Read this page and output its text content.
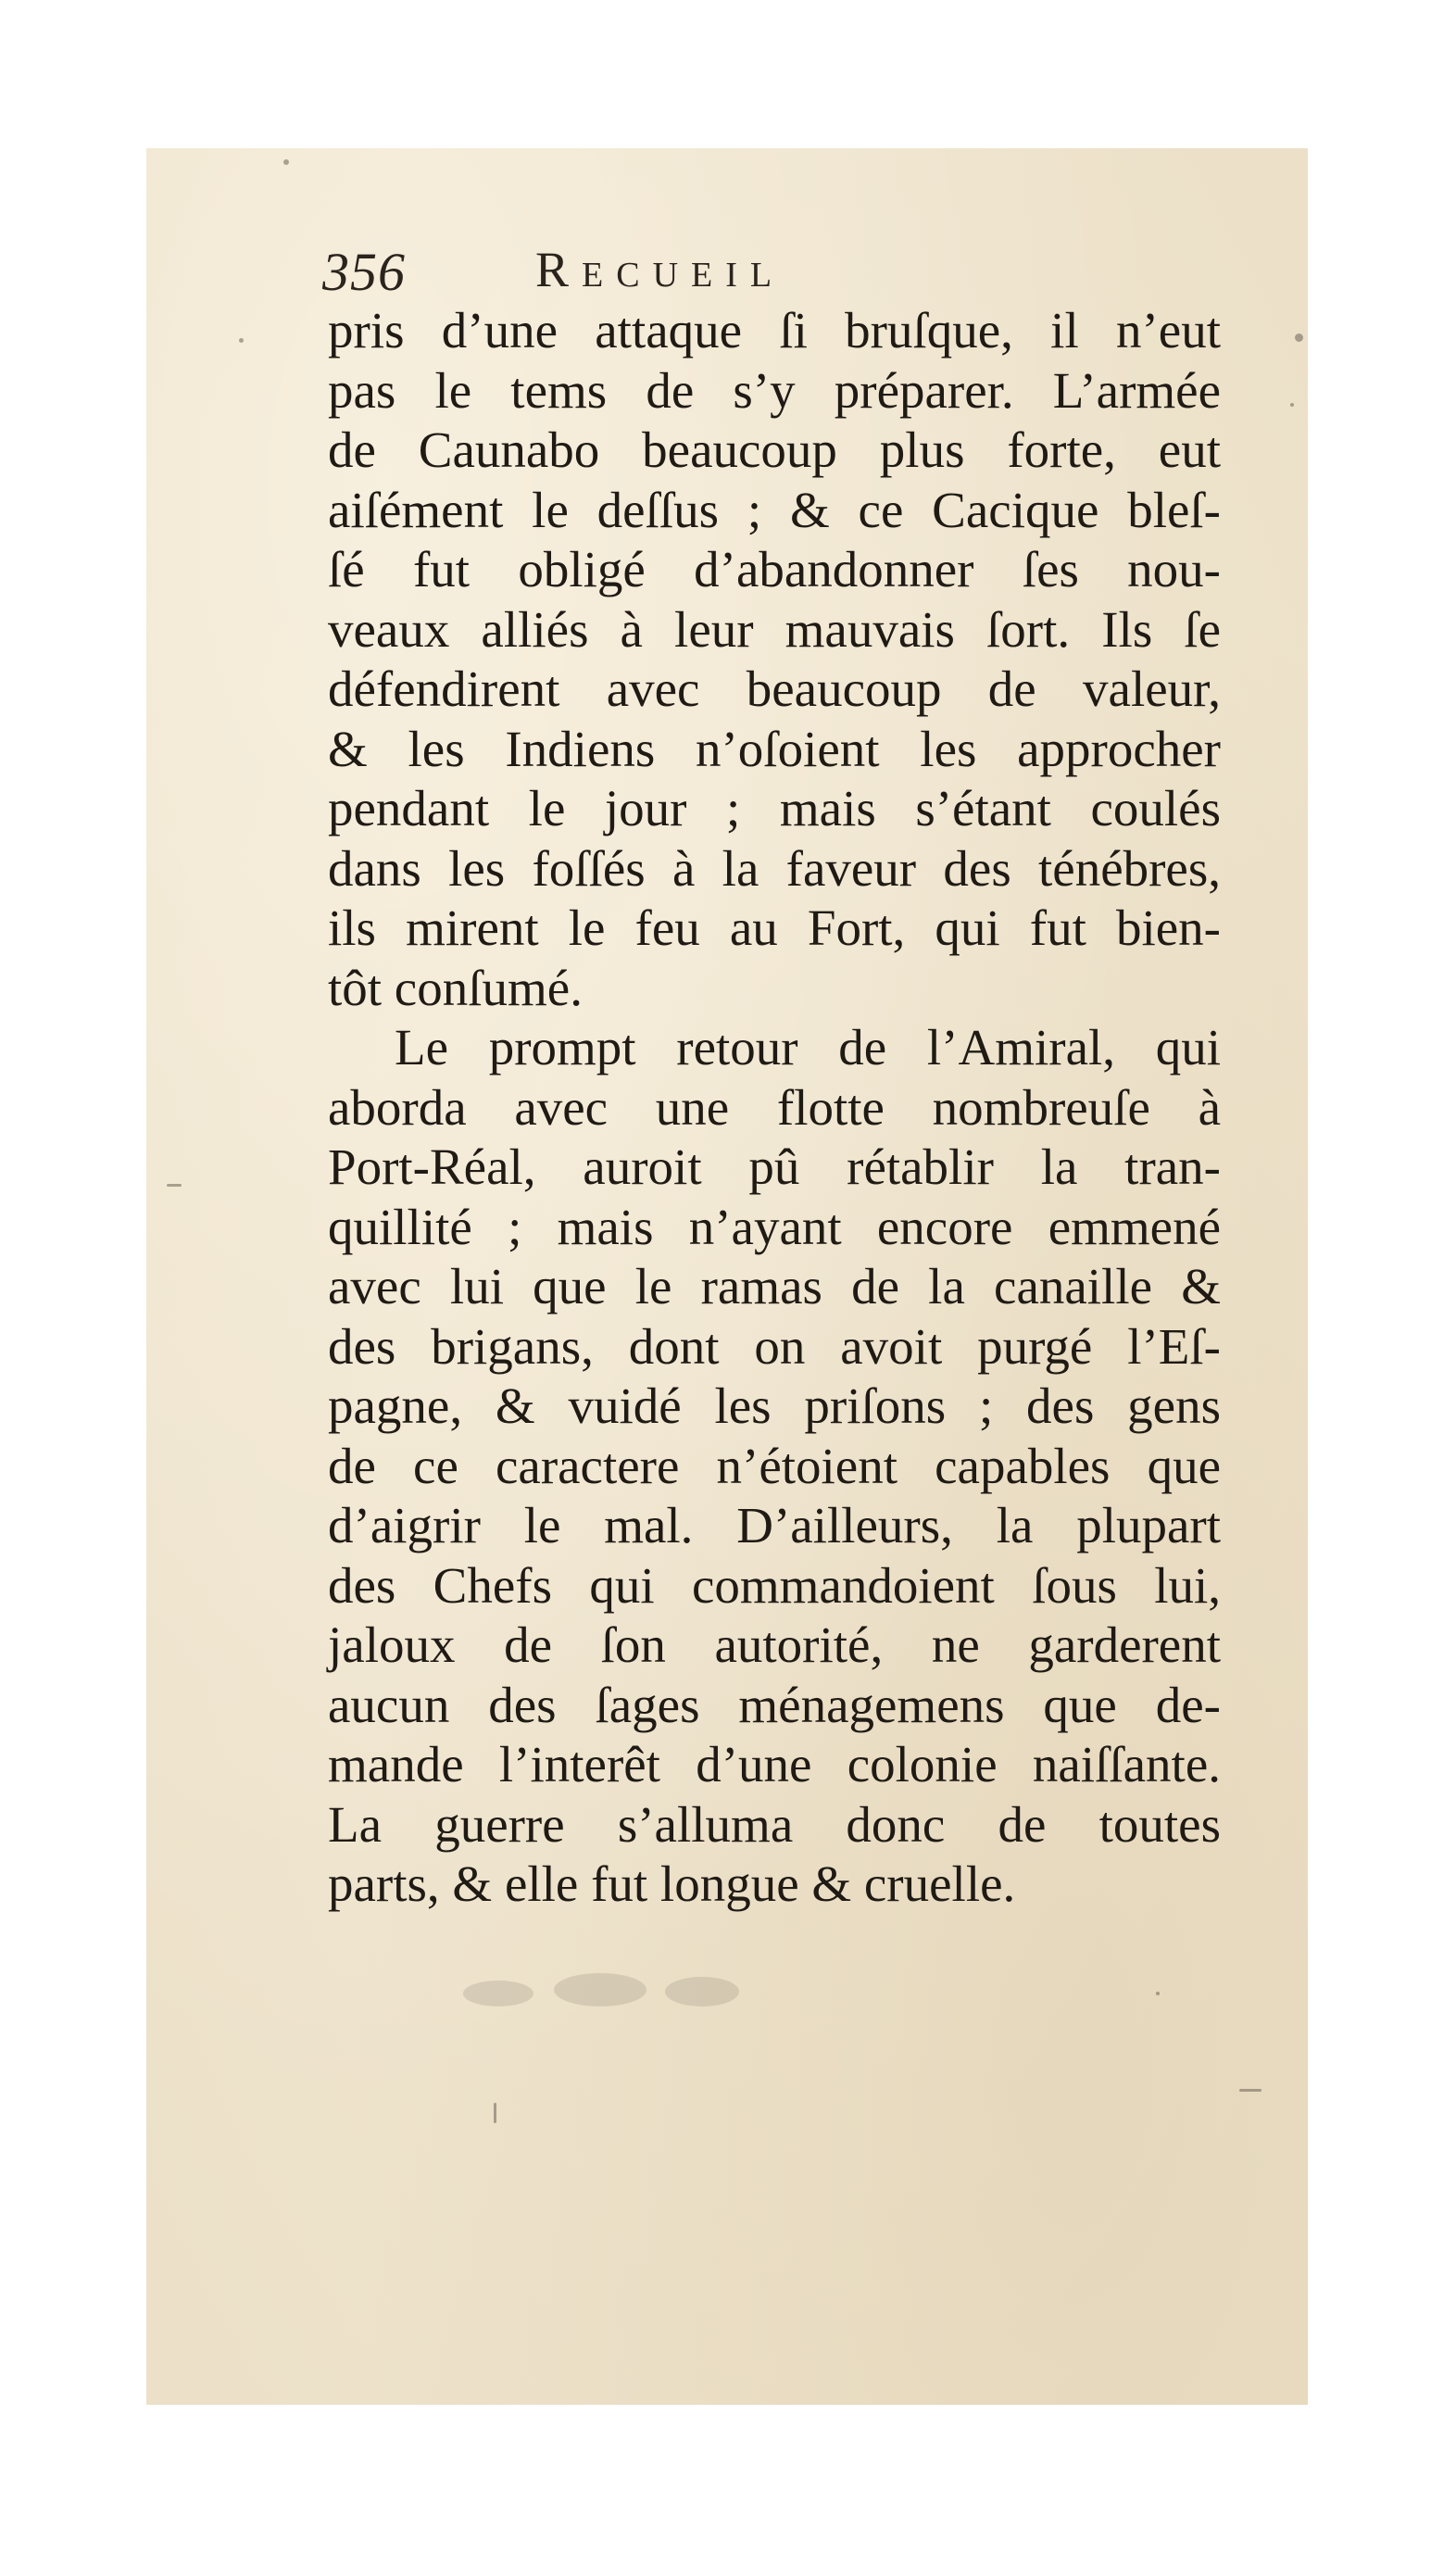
356	Recueil
pris d’une attaque ſi bruſque, il n’eut
pas le tems de s’y préparer. L’armée
de Caunabo beaucoup plus forte, eut
aiſément le deſſus ; & ce Cacique bleſ-
ſé fut obligé d’abandonner ſes nou-
veaux alliés à leur mauvais ſort. Ils ſe
défendirent avec beaucoup de valeur,
& les Indiens n’oſoient les approcher
pendant le jour ; mais s’étant coulés
dans les foſſés à la faveur des ténébres,
ils mirent le feu au Fort, qui fut bien-
tôt conſumé.
Le prompt retour de l’Amiral, qui
aborda avec une flotte nombreuſe à
Port-Réal, auroit pû rétablir la tran-
quillité ; mais n’ayant encore emmené
avec lui que le ramas de la canaille &
des brigans, dont on avoit purgé l’Eſ-
pagne, & vuidé les priſons ; des gens
de ce caractere n’étoient capables que
d’aigrir le mal. D’ailleurs, la plupart
des Chefs qui commandoient ſous lui,
jaloux de ſon autorité, ne garderent
aucun des ſages ménagemens que de-
mande l’interêt d’une colonie naiſſante.
La guerre s’alluma donc de toutes
parts, & elle fut longue & cruelle.
